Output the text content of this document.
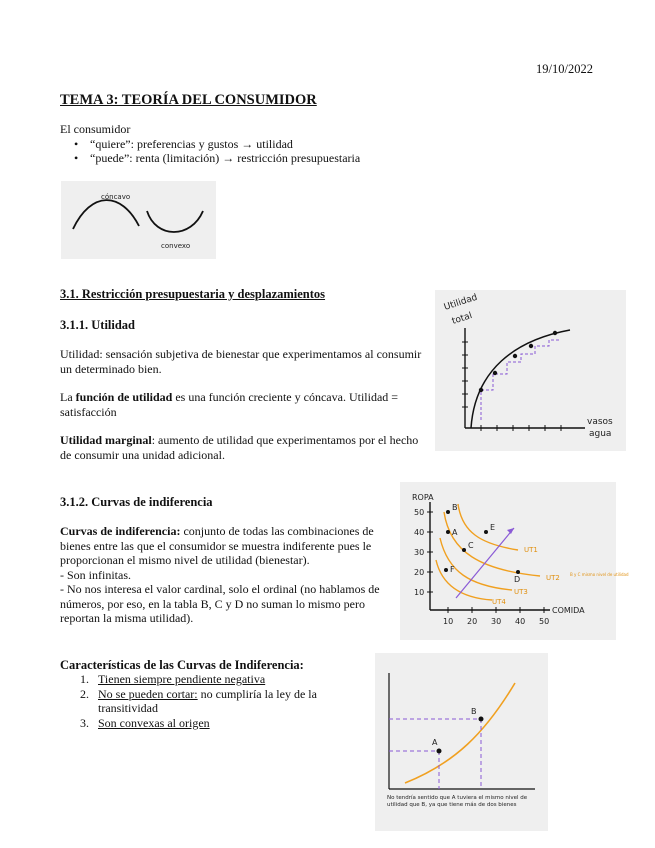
19/10/2022
TEMA 3: TEORÍA DEL CONSUMIDOR
El consumidor
• “quiere”: preferencias y gustos → utilidad
• “puede”: renta (limitación) → restricción presupuestaria
cóncavo
convexo
3.1. Restricción presupuestaria y desplazamientos
3.1.1. Utilidad
Utilidad: sensación subjetiva de bienestar que experimentamos al consumir un determinado bien.
La función de utilidad es una función creciente y cóncava. Utilidad = satisfacción
Utilidad marginal: aumento de utilidad que experimentamos por el hecho de consumir una unidad adicional.
Utilidad
total
vasos
agua
3.1.2. Curvas de indiferencia
Curvas de indiferencia: conjunto de todas las combinaciones de bienes entre las que el consumidor se muestra indiferente pues le proporcionan el mismo nivel de utilidad (bienestar).
- Son infinitas.
- No nos interesa el valor cardinal, solo el ordinal (no hablamos de números, por eso, en la tabla B, C y D no suman lo mismo pero reportan la misma utilidad).
ROPA
50
40
30
20
10
10 20 30 40 50
COMIDA
B
A
C
E
F
D
UT1
UT2
UT3
UT4
B y C mismo nivel de utilidad
Características de las Curvas de Indiferencia:
1. Tienen siempre pendiente negativa
2. No se pueden cortar: no cumpliría la ley de la transitividad
3. Son convexas al origen
A
B
No tendría sentido que A tuviera el mismo nivel de utilidad que B, ya que tiene más de dos bienes
